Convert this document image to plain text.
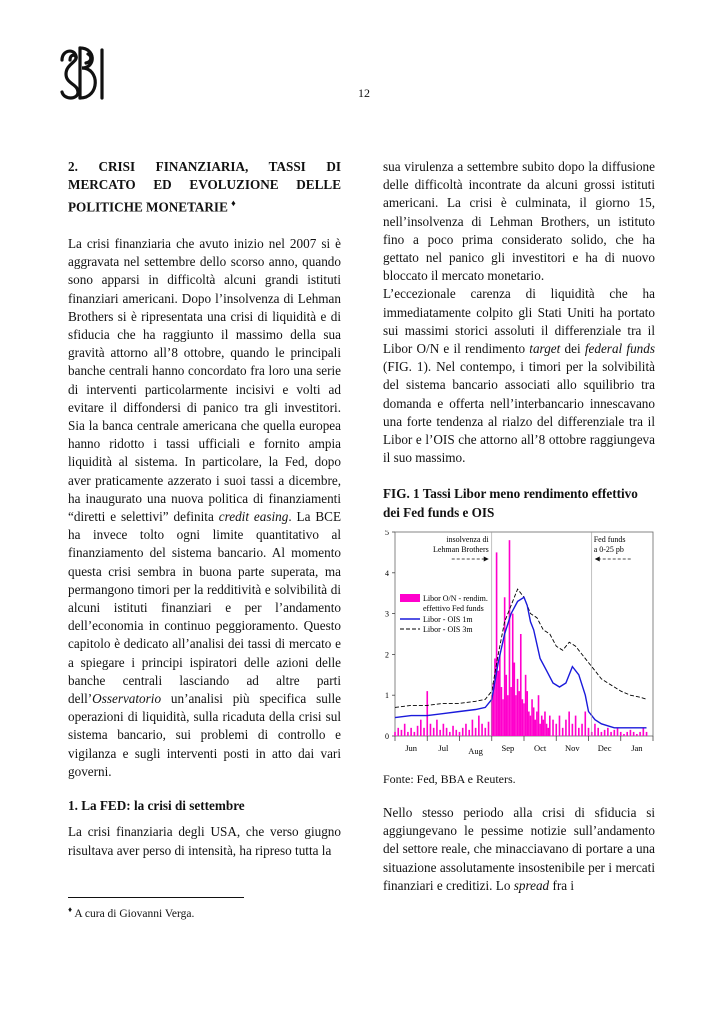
12

2. CRISI FINANZIARIA, TASSI DI MERCATO ED EVOLUZIONE DELLE POLITICHE MONETARIE ♦

La crisi finanziaria che avuto inizio nel 2007 si è aggravata nel settembre dello scorso anno, quando sono apparsi in difficoltà alcuni grandi istituti finanziari americani. Dopo l’insolvenza di Lehman Brothers si è ripresentata una crisi di liquidità e di sfiducia che ha raggiunto il massimo della sua gravità attorno all’8 ottobre, quando le principali banche centrali hanno concordato fra loro una serie di interventi particolarmente incisivi e volti ad evitare il diffondersi di panico tra gli investitori. Sia la banca centrale americana che quella europea hanno ridotto i tassi ufficiali e fornito ampia liquidità al sistema. In particolare, la Fed, dopo aver praticamente azzerato i suoi tassi a dicembre, ha inaugurato una nuova politica di finanziamenti “diretti e selettivi” definita credit easing. La BCE ha invece tolto ogni limite quantitativo al finanziamento del sistema bancario. Al momento questa crisi sembra in buona parte superata, ma permangono timori per la redditività e solvibilità di alcuni istituti finanziari e per l’andamento dell’economia in continuo peggioramento. Questo capitolo è dedicato all’analisi dei tassi di mercato e a spiegare i principi ispiratori delle azioni delle banche centrali lasciando ad altre parti dell’Osservatorio un’analisi più specifica sulle operazioni di liquidità, sulla ricaduta della crisi sul sistema bancario, sui problemi di controllo e vigilanza e sugli interventi posti in atto dai vari governi.

1. La FED: la crisi di settembre

La crisi finanziaria degli USA, che verso giugno risultava aver perso di intensità, ha ripreso tutta la

♦ A cura di Giovanni Verga.

sua virulenza a settembre subito dopo la diffusione delle difficoltà incontrate da alcuni grossi istituti americani. La crisi è culminata, il giorno 15, nell’insolvenza di Lehman Brothers, un istituto fino a poco prima considerato solido, che ha gettato nel panico gli investitori e ha di nuovo bloccato il mercato monetario.

L’eccezionale carenza di liquidità che ha immediatamente colpito gli Stati Uniti ha portato sui massimi storici assoluti il differenziale tra il Libor O/N e il rendimento target dei federal funds (FIG. 1). Nel contempo, i timori per la solvibilità del sistema bancario associati allo squilibrio tra domanda e offerta nell’interbancario innescavano una forte tendenza al rialzo del differenziale tra il Libor e l’OIS che attorno all’8 ottobre raggiungeva il suo massimo.

FIG. 1 Tassi Libor meno rendimento effettivo dei Fed funds e OIS

0
1
2
3
4
5
Jun	Jul Aug Sep Oct Nov Dec Jan
insolvenza di
Lehman Brothers
Fed funds
a 0-25 pb
Libor O/N - rendim.
effettivo Fed funds
Libor - OIS 1m
Libor - OIS 3m

Fonte: Fed, BBA e Reuters.

Nello stesso periodo alla crisi di sfiducia si aggiungevano le pessime notizie sull’andamento del settore reale, che minacciavano di portare a una situazione assolutamente insostenibile per i mercati finanziari e creditizi. Lo spread fra i
